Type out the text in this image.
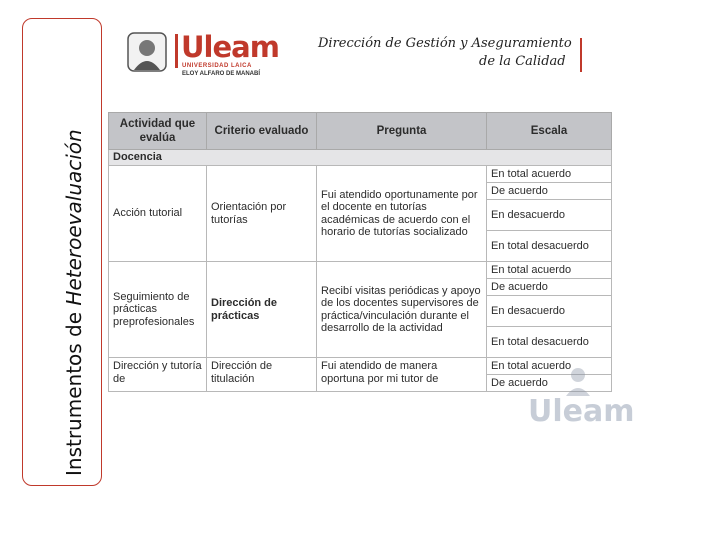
Instrumentos de Heteroevaluación
Uleam
UNIVERSIDAD LAICA
ELOY ALFARO DE MANABÍ
Dirección de Gestión y Aseguramiento
de la Calidad
Actividad que evalúa	Criterio evaluado	Pregunta	Escala
Docencia			
Acción tutorial	Orientación por tutorías	Fui atendido oportunamente por el docente en tutorías académicas de acuerdo con el horario de tutorías socializado	En total acuerdo
			De acuerdo
			En desacuerdo
			En total desacuerdo
Seguimiento de prácticas preprofesionales	Dirección de prácticas	Recibí visitas periódicas y apoyo de los docentes supervisores de práctica/vinculación durante el desarrollo de la actividad	En total acuerdo
			De acuerdo
			En desacuerdo
			En total desacuerdo
Dirección y tutoría de	Dirección de titulación	Fui atendido de manera oportuna por mi tutor de	En total acuerdo
			De acuerdo
Uleam
